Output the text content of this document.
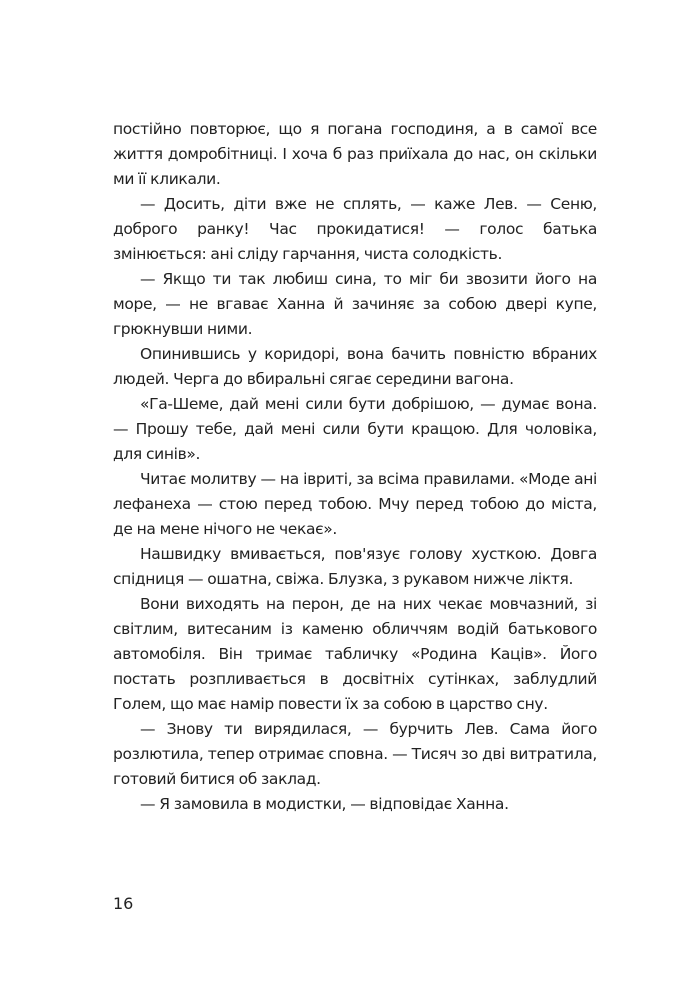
постійно повторює, що я погана господиня, а в самої все життя домробітниці. І хоча б раз приїхала до нас, он скільки ми її кликали.

— Досить, діти вже не сплять, — каже Лев. — Сеню, доброго ранку! Час прокидатися! — голос батька змінюється: ані сліду гарчання, чиста солодкість.

— Якщо ти так любиш сина, то міг би звозити його на море, — не вгаває Ханна й зачиняє за собою двері купе, грюкнувши ними.

Опинившись у коридорі, вона бачить повністю вбраних людей. Черга до вбиральні сягає середини вагона.

«Га-Шеме, дай мені сили бути добрішою, — думає вона. — Прошу тебе, дай мені сили бути кращою. Для чоловіка, для синів».

Читає молитву — на івриті, за всіма правилами. «Моде ані лефанеха — стою перед тобою. Мчу перед тобою до міста, де на мене нічого не чекає».

Нашвидку вмивається, пов'язує голову хусткою. Довга спідниця — ошатна, свіжа. Блузка, з рукавом нижче ліктя.

Вони виходять на перон, де на них чекає мовчазний, зі світлим, витесаним із каменю обличчям водій батькового автомобіля. Він тримає табличку «Родина Каців». Його постать розпливається в досвітніх сутінках, заблудлий Голем, що має намір повести їх за собою в царство сну.

— Знову ти вирядилася, — бурчить Лев. Сама його розлютила, тепер отримає сповна. — Тисяч зо дві витратила, готовий битися об заклад.

— Я замовила в модистки, — відповідає Ханна.

16
